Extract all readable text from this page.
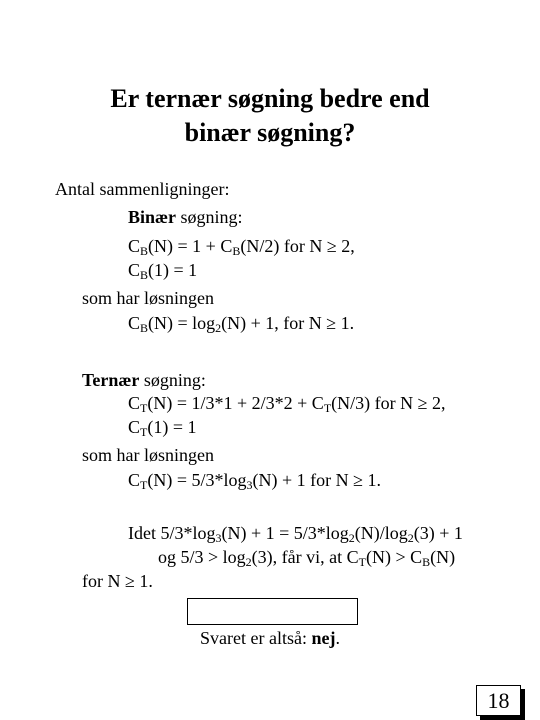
Er ternær søgning bedre end
binær søgning?
Antal sammenligninger:
Binær søgning:
$C_B(N) = 1 + C_B(N/2)$ for N ≥ 2,
$C_B(1) = 1$
som har løsningen
$C_B(N) = \log_2(N) + 1$, for N ≥ 1.
Ternær søgning:
$C_T(N) = 1/3*1 + 2/3*2 + C_T(N/3)$ for N ≥ 2,
$C_T(1) = 1$
som har løsningen
$C_T(N) = 5/3*\log_3(N) + 1$ for N ≥ 1.
Idet $5/3*\log_3(N) + 1 = 5/3*\log_2(N)/\log_2(3) + 1$
og $5/3 > \log_2(3)$, får vi, at $C_T(N) > C_B(N)$
for N ≥ 1.
Svaret er altså: nej.
18
